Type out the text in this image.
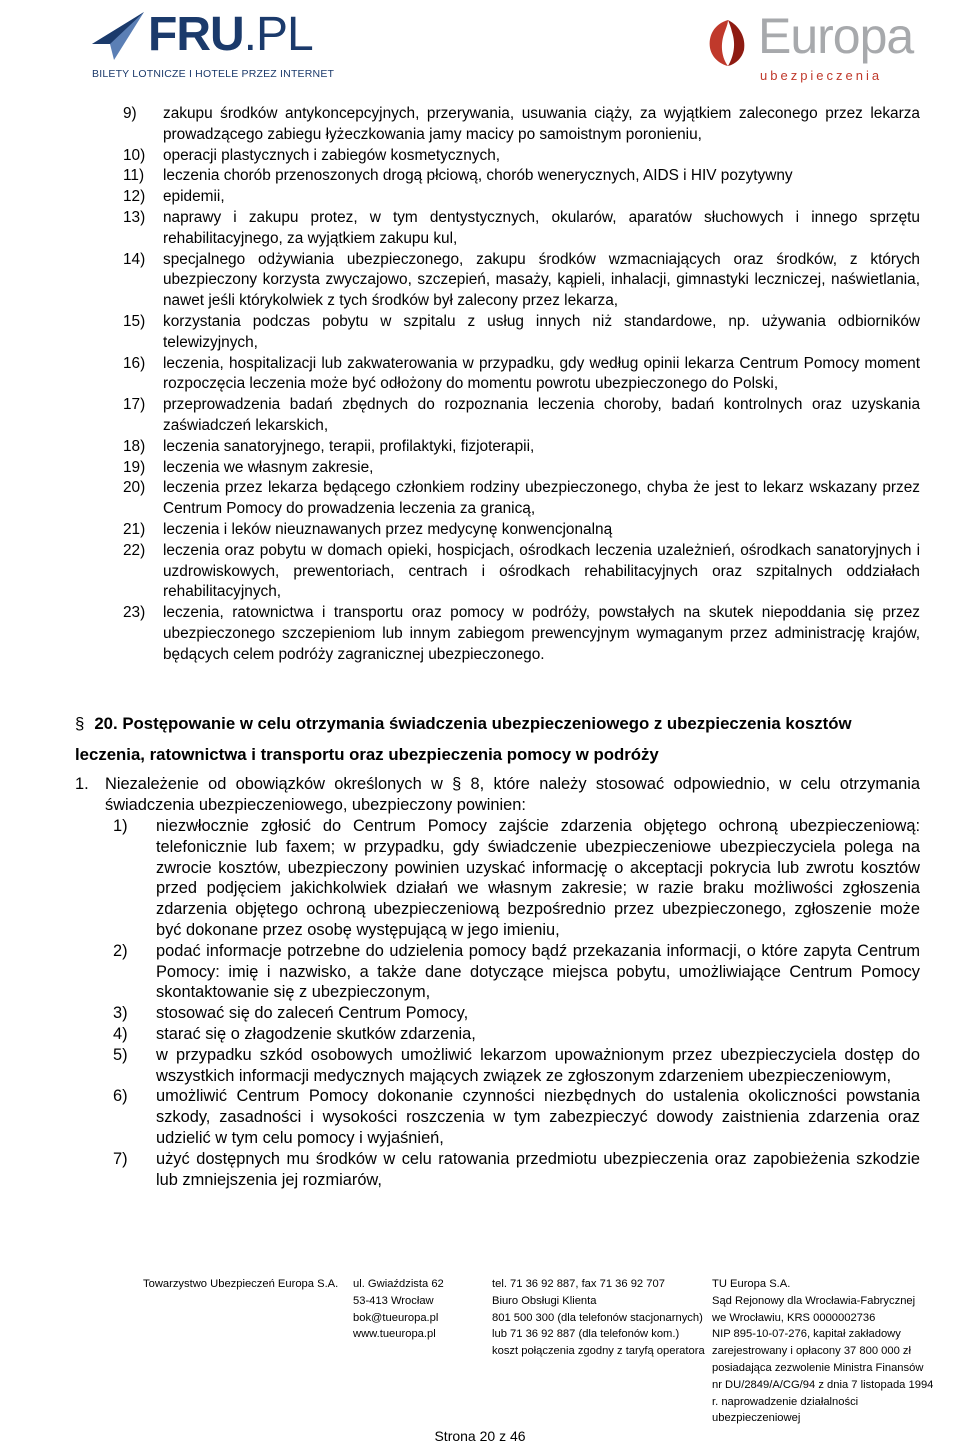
FRU.PL
BILETY LOTNICZE I HOTELE PRZEZ INTERNET
Europa
ubezpieczenia
9)	zakupu środków antykoncepcyjnych, przerywania, usuwania ciąży, za wyjątkiem zaleconego przez lekarza prowadzącego zabiegu łyżeczkowania jamy macicy po samoistnym poronieniu,
10)	operacji plastycznych i zabiegów kosmetycznych,
11)	leczenia chorób przenoszonych drogą płciową, chorób wenerycznych, AIDS i HIV pozytywny
12)	epidemii,
13)	naprawy i zakupu protez, w tym dentystycznych, okularów, aparatów słuchowych i innego sprzętu rehabilitacyjnego, za wyjątkiem zakupu kul,
14)	specjalnego odżywiania ubezpieczonego, zakupu środków wzmacniających oraz środków, z których ubezpieczony korzysta zwyczajowo, szczepień, masaży, kąpieli, inhalacji, gimnastyki leczniczej, naświetlania, nawet jeśli którykolwiek z tych środków był zalecony przez lekarza,
15)	korzystania podczas pobytu w szpitalu z usług innych niż standardowe, np. używania odbiorników telewizyjnych,
16)	leczenia, hospitalizacji lub zakwaterowania w przypadku, gdy według opinii lekarza Centrum Pomocy moment rozpoczęcia leczenia może być odłożony do momentu powrotu ubezpieczonego do Polski,
17)	przeprowadzenia badań zbędnych do rozpoznania leczenia choroby, badań kontrolnych oraz uzyskania zaświadczeń lekarskich,
18)	leczenia sanatoryjnego, terapii, profilaktyki, fizjoterapii,
19)	leczenia we własnym zakresie,
20)	leczenia przez lekarza będącego członkiem rodziny ubezpieczonego, chyba że jest to lekarz wskazany przez Centrum Pomocy do prowadzenia leczenia za granicą,
21)	leczenia i leków nieuznawanych przez medycynę konwencjonalną
22)	leczenia oraz pobytu w domach opieki, hospicjach, ośrodkach leczenia uzależnień, ośrodkach sanatoryjnych i uzdrowiskowych, prewentoriach, centrach i ośrodkach rehabilitacyjnych oraz szpitalnych oddziałach rehabilitacyjnych,
23)	leczenia, ratownictwa i transportu oraz pomocy w podróży, powstałych na skutek niepoddania się przez ubezpieczonego szczepieniom lub innym zabiegom prewencyjnym wymaganym przez administrację krajów, będących celem podróży zagranicznej ubezpieczonego.
§ 20. Postępowanie w celu otrzymania świadczenia ubezpieczeniowego z ubezpieczenia kosztów leczenia, ratownictwa i transportu oraz ubezpieczenia pomocy w podróży
1. Niezależenie od obowiązków określonych w § 8, które należy stosować odpowiednio, w celu otrzymania świadczenia ubezpieczeniowego, ubezpieczony powinien:
1) niezwłocznie zgłosić do Centrum Pomocy zajście zdarzenia objętego ochroną ubezpieczeniową: telefonicznie lub faxem; w przypadku, gdy świadczenie ubezpieczeniowe ubezpieczyciela polega na zwrocie kosztów, ubezpieczony powinien uzyskać informację o akceptacji pokrycia lub zwrotu kosztów przed podjęciem jakichkolwiek działań we własnym zakresie; w razie braku możliwości zgłoszenia zdarzenia objętego ochroną ubezpieczeniową bezpośrednio przez ubezpieczonego, zgłoszenie może być dokonane przez osobę występującą w jego imieniu,
2) podać informacje potrzebne do udzielenia pomocy bądź przekazania informacji, o które zapyta Centrum Pomocy: imię i nazwisko, a także dane dotyczące miejsca pobytu, umożliwiające Centrum Pomocy skontaktowanie się z ubezpieczonym,
3) stosować się do zaleceń Centrum Pomocy,
4) starać się o złagodzenie skutków zdarzenia,
5) w przypadku szkód osobowych umożliwić lekarzom upoważnionym przez ubezpieczyciela dostęp do wszystkich informacji medycznych mających związek ze zgłoszonym zdarzeniem ubezpieczeniowym,
6) umożliwić Centrum Pomocy dokonanie czynności niezbędnych do ustalenia okoliczności powstania szkody, zasadności i wysokości roszczenia w tym zabezpieczyć dowody zaistnienia zdarzenia oraz udzielić w tym celu pomocy i wyjaśnień,
7) użyć dostępnych mu środków w celu ratowania przedmiotu ubezpieczenia oraz zapobieżenia szkodzie lub zmniejszenia jej rozmiarów,
Towarzystwo Ubezpieczeń Europa S.A. ul. Gwiaździsta 62
53-413 Wrocław
bok@tueuropa.pl
www.tueuropa.pl
tel. 71 36 92 887, fax 71 36 92 707
Biuro Obsługi Klienta
801 500 300 (dla telefonów stacjonarnych)
lub 71 36 92 887 (dla telefonów kom.)
koszt połączenia zgodny z taryfą operatora
TU Europa S.A.
Sąd Rejonowy dla Wrocławia-Fabrycznej
we Wrocławiu, KRS 0000002736
NIP 895-10-07-276, kapitał zakładowy
zarejestrowany i opłacony 37 800 000 zł
posiadająca zezwolenie Ministra Finansów
nr DU/2849/A/CG/94 z dnia 7 listopada 1994
r. naprowadzenie działalności
ubezpieczeniowej
Strona 20 z 46
